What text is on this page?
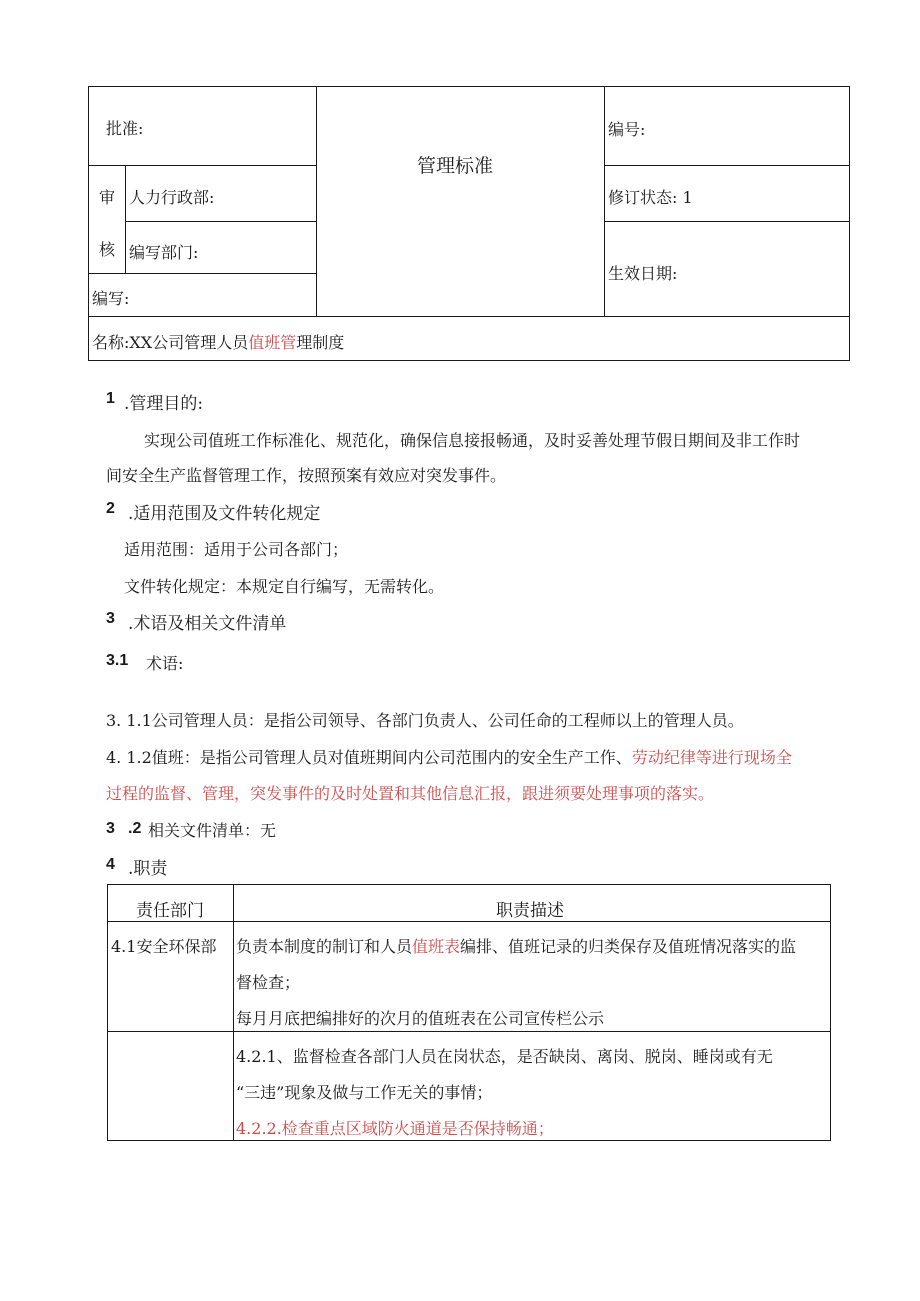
批准:
审
核
人力行政部:
编写部门:
编写:
管理标准
编号:
修订状态: 1
生效日期:
名称:XX公司管理人员值班管理制度
1 .管理目的:
实现公司值班工作标准化、规范化，确保信息接报畅通，及时妥善处理节假日期间及非工作时
间安全生产监督管理工作，按照预案有效应对突发事件。
2 .适用范围及文件转化规定
适用范围：适用于公司各部门；
文件转化规定：本规定自行编写，无需转化。
3 .术语及相关文件清单
3.1 术语:
3. 1.1公司管理人员：是指公司领导、各部门负责人、公司任命的工程师以上的管理人员。
4. 1.2值班：是指公司管理人员对值班期间内公司范围内的安全生产工作、劳动纪律等进行现场全
过程的监督、管理，突发事件的及时处置和其他信息汇报，跟进须要处理事项的落实。
3 .2 相关文件清单：无
4 .职责
责任部门	职责描述
4.1安全环保部 负责本制度的制订和人员值班表编排、值班记录的归类保存及值班情况落实的监
督检查；
每月月底把编排好的次月的值班表在公司宣传栏公示
4.2.1、监督检查各部门人员在岗状态，是否缺岗、离岗、脱岗、睡岗或有无
“三违”现象及做与工作无关的事情；
4.2.2.检查重点区域防火通道是否保持畅通；
